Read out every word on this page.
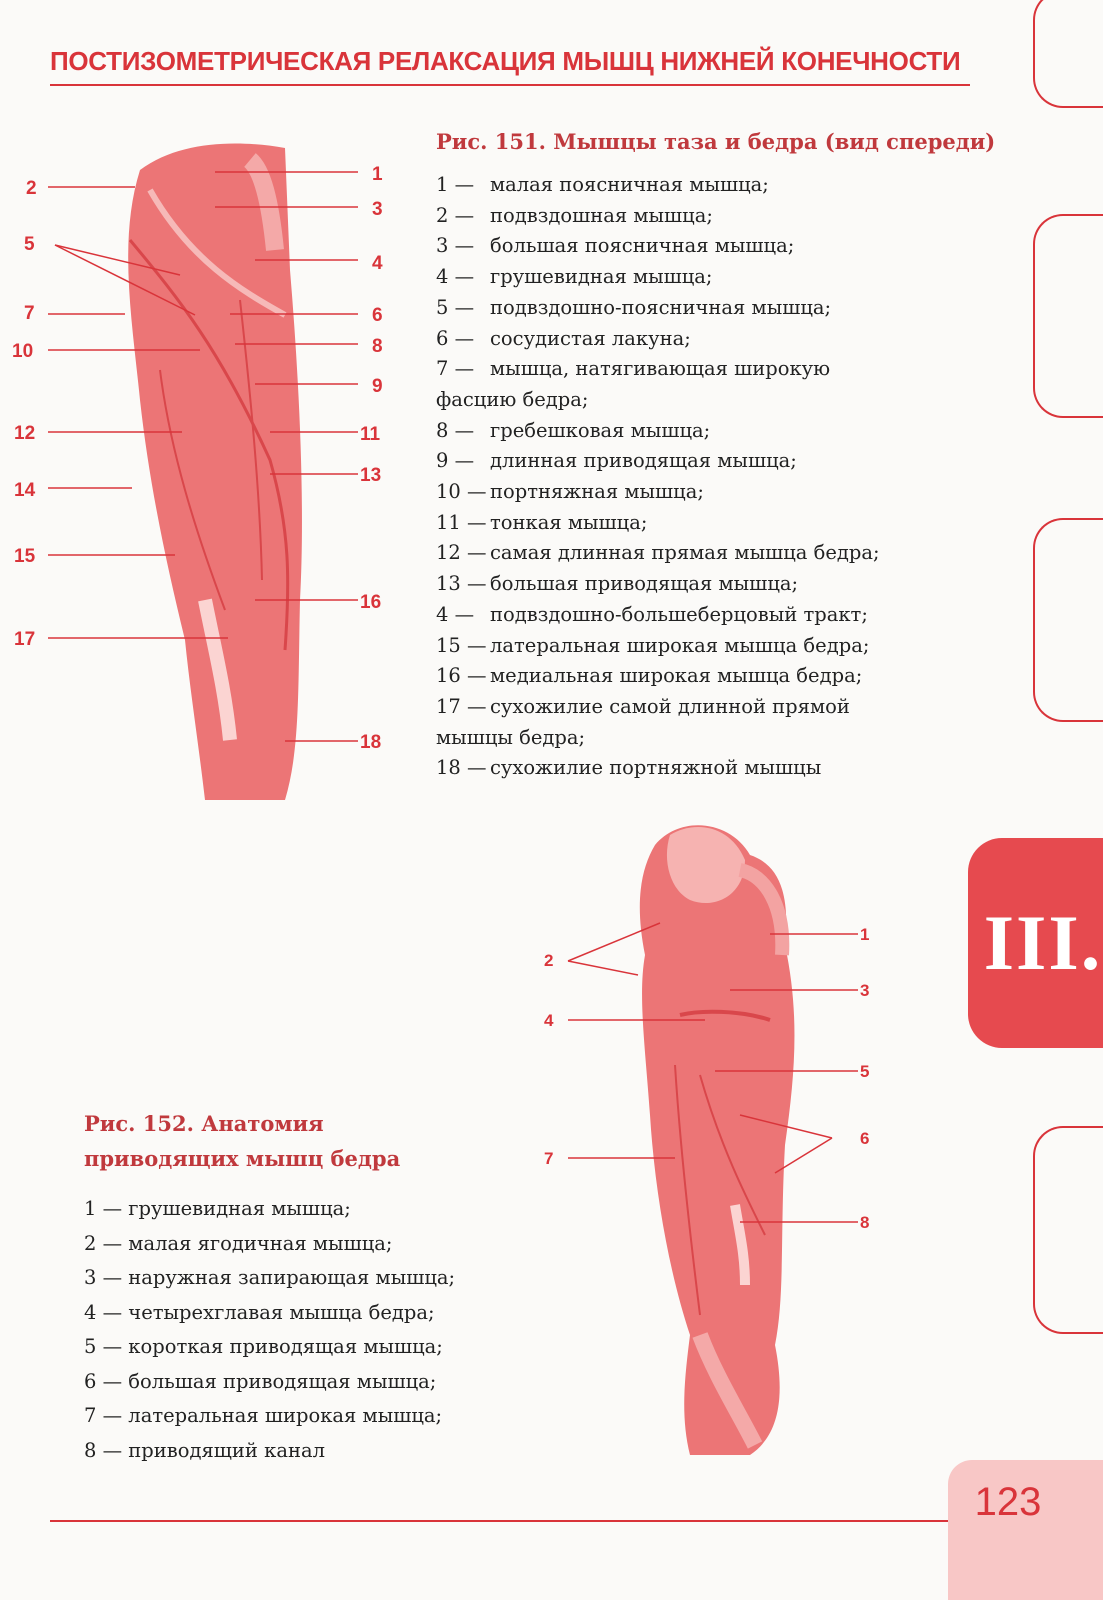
ПОСТИЗОМЕТРИЧЕСКАЯ РЕЛАКСАЦИЯ МЫШЦ НИЖНЕЙ КОНЕЧНОСТИ
III.
1
2
3
4
5
6
7
8
9
10
11
12
13
14
15
16
17
18
Рис. 151. Мышцы таза и бедра (вид спереди)
1 — малая поясничная мышца;
2 — подвздошная мышца;
3 — большая поясничная мышца;
4 — грушевидная мышца;
5 — подвздошно-поясничная мышца;
6 — сосудистая лакуна;
7 — мышца, натягивающая широкую фасцию бедра;
8 — гребешковая мышца;
9 — длинная приводящая мышца;
10 — портняжная мышца;
11 — тонкая мышца;
12 — самая длинная прямая мышца бедра;
13 — большая приводящая мышца;
4 — подвздошно-большеберцовый тракт;
15 — латеральная широкая мышца бедра;
16 — медиальная широкая мышца бедра;
17 — сухожилие самой длинной прямой мышцы бедра;
18 — сухожилие портняжной мышцы
1
2
3
4
5
6
7
8
Рис. 152. Анатомия
приводящих мышц бедра
1 — грушевидная мышца;
2 — малая ягодичная мышца;
3 — наружная запирающая мышца;
4 — четырехглавая мышца бедра;
5 — короткая приводящая мышца;
6 — большая приводящая мышца;
7 — латеральная широкая мышца;
8 — приводящий канал
123
